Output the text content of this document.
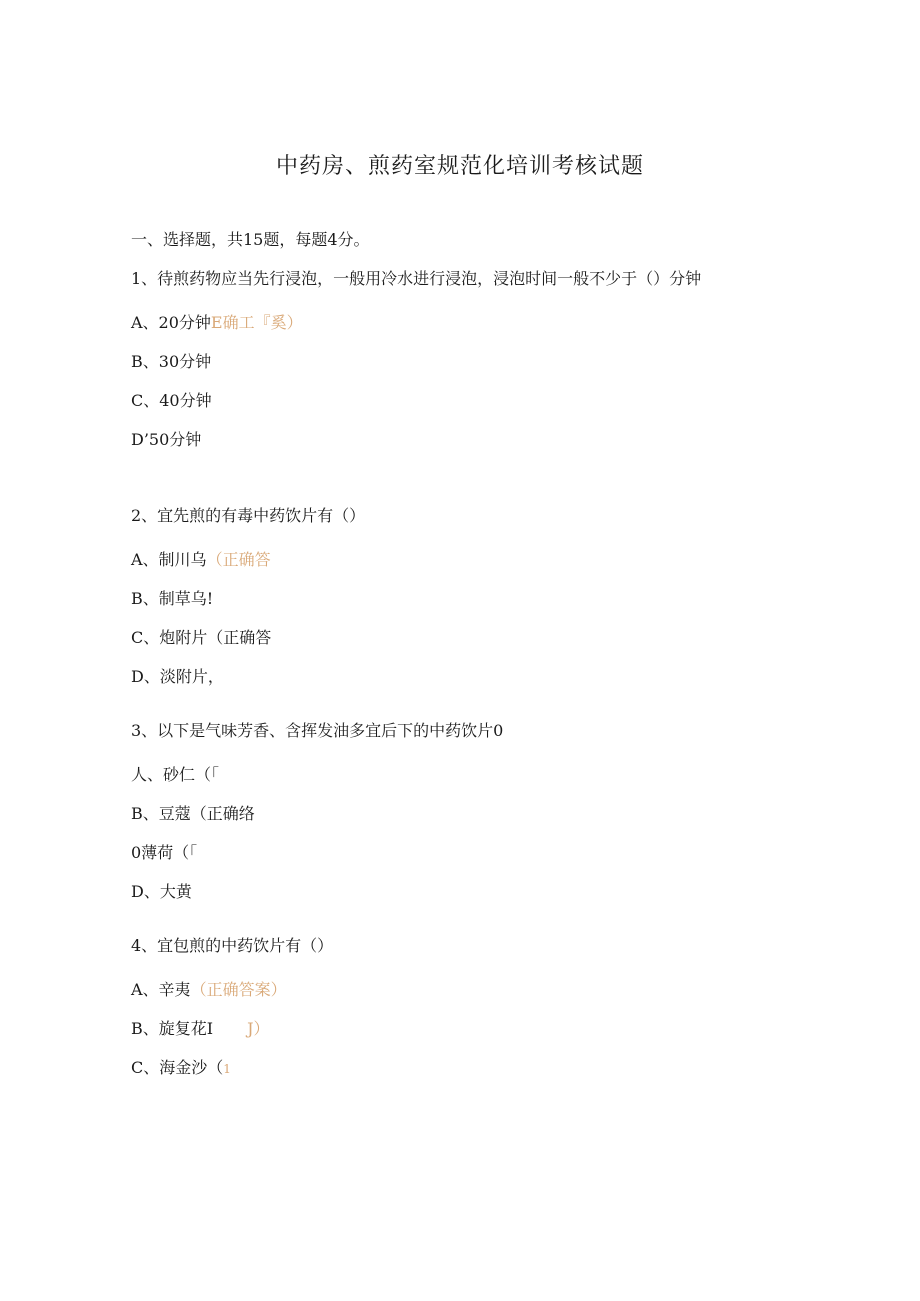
中药房、煎药室规范化培训考核试题
一、选择题，共15题，每题4分。
1、待煎药物应当先行浸泡，一般用冷水进行浸泡，浸泡时间一般不少于（）分钟
A、20分钟E确工『奚）
B、30分钟
C、40分钟
D’50分钟
2、宜先煎的有毒中药饮片有（）
A、制川乌（正确答
B、制草乌!
C、炮附片（正确答
D、淡附片，
3、以下是气味芳香、含挥发油多宜后下的中药饮片0
人、砂仁（「
B、豆蔻（正确络
0薄荷（「
D、大黄
4、宜包煎的中药饮片有（）
A、辛夷（正确答案）
B、旋复花I J）
C、海金沙（1
